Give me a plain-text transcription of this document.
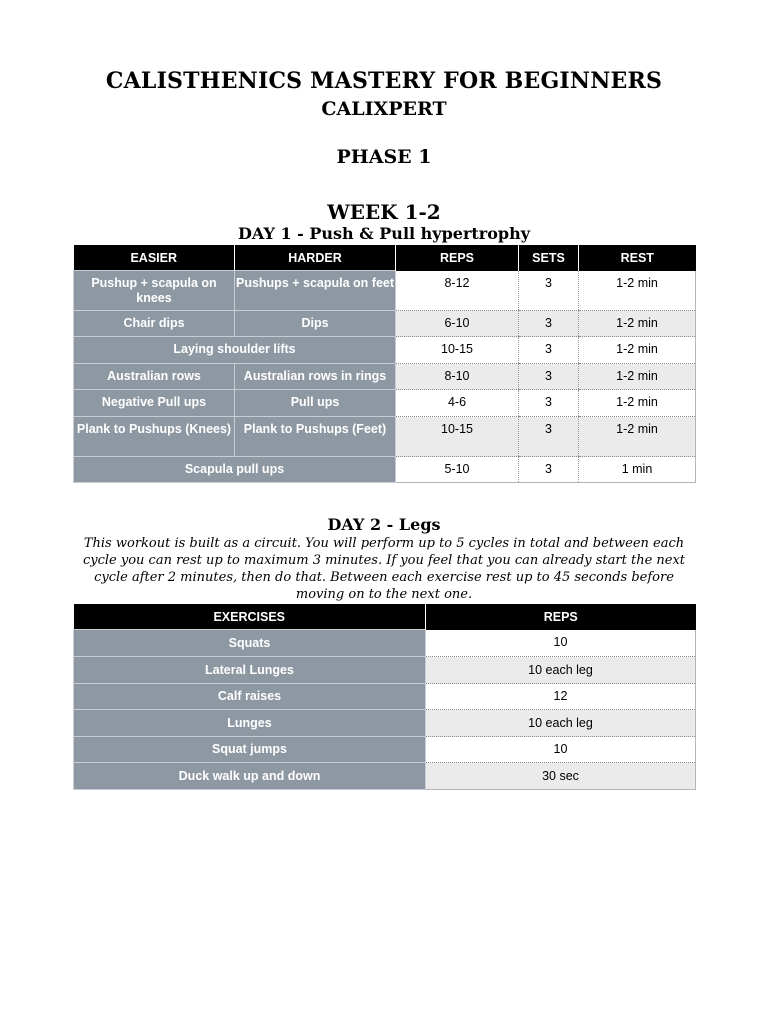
CALISTHENICS MASTERY FOR BEGINNERS
CALIXPERT
PHASE 1
WEEK 1-2
DAY 1 - Push & Pull hypertrophy
EASIER	HARDER	REPS	SETS	REST
Pushup + scapula on knees	Pushups + scapula on feet	8-12	3	1-2 min
Chair dips	Dips	6-10	3	1-2 min
Laying shoulder lifts		10-15	3	1-2 min
Australian rows	Australian rows in rings	8-10	3	1-2 min
Negative Pull ups	Pull ups	4-6	3	1-2 min
Plank to Pushups (Knees)	Plank to Pushups (Feet)	10-15	3	1-2 min
Scapula pull ups		5-10	3	1 min
DAY 2 - Legs
This workout is built as a circuit. You will perform up to 5 cycles in total and between each cycle you can rest up to maximum 3 minutes. If you feel that you can already start the next cycle after 2 minutes, then do that. Between each exercise rest up to 45 seconds before moving on to the next one.
EXERCISES	REPS
Squats	10
Lateral Lunges	10 each leg
Calf raises	12
Lunges	10 each leg
Squat jumps	10
Duck walk up and down	30 sec
